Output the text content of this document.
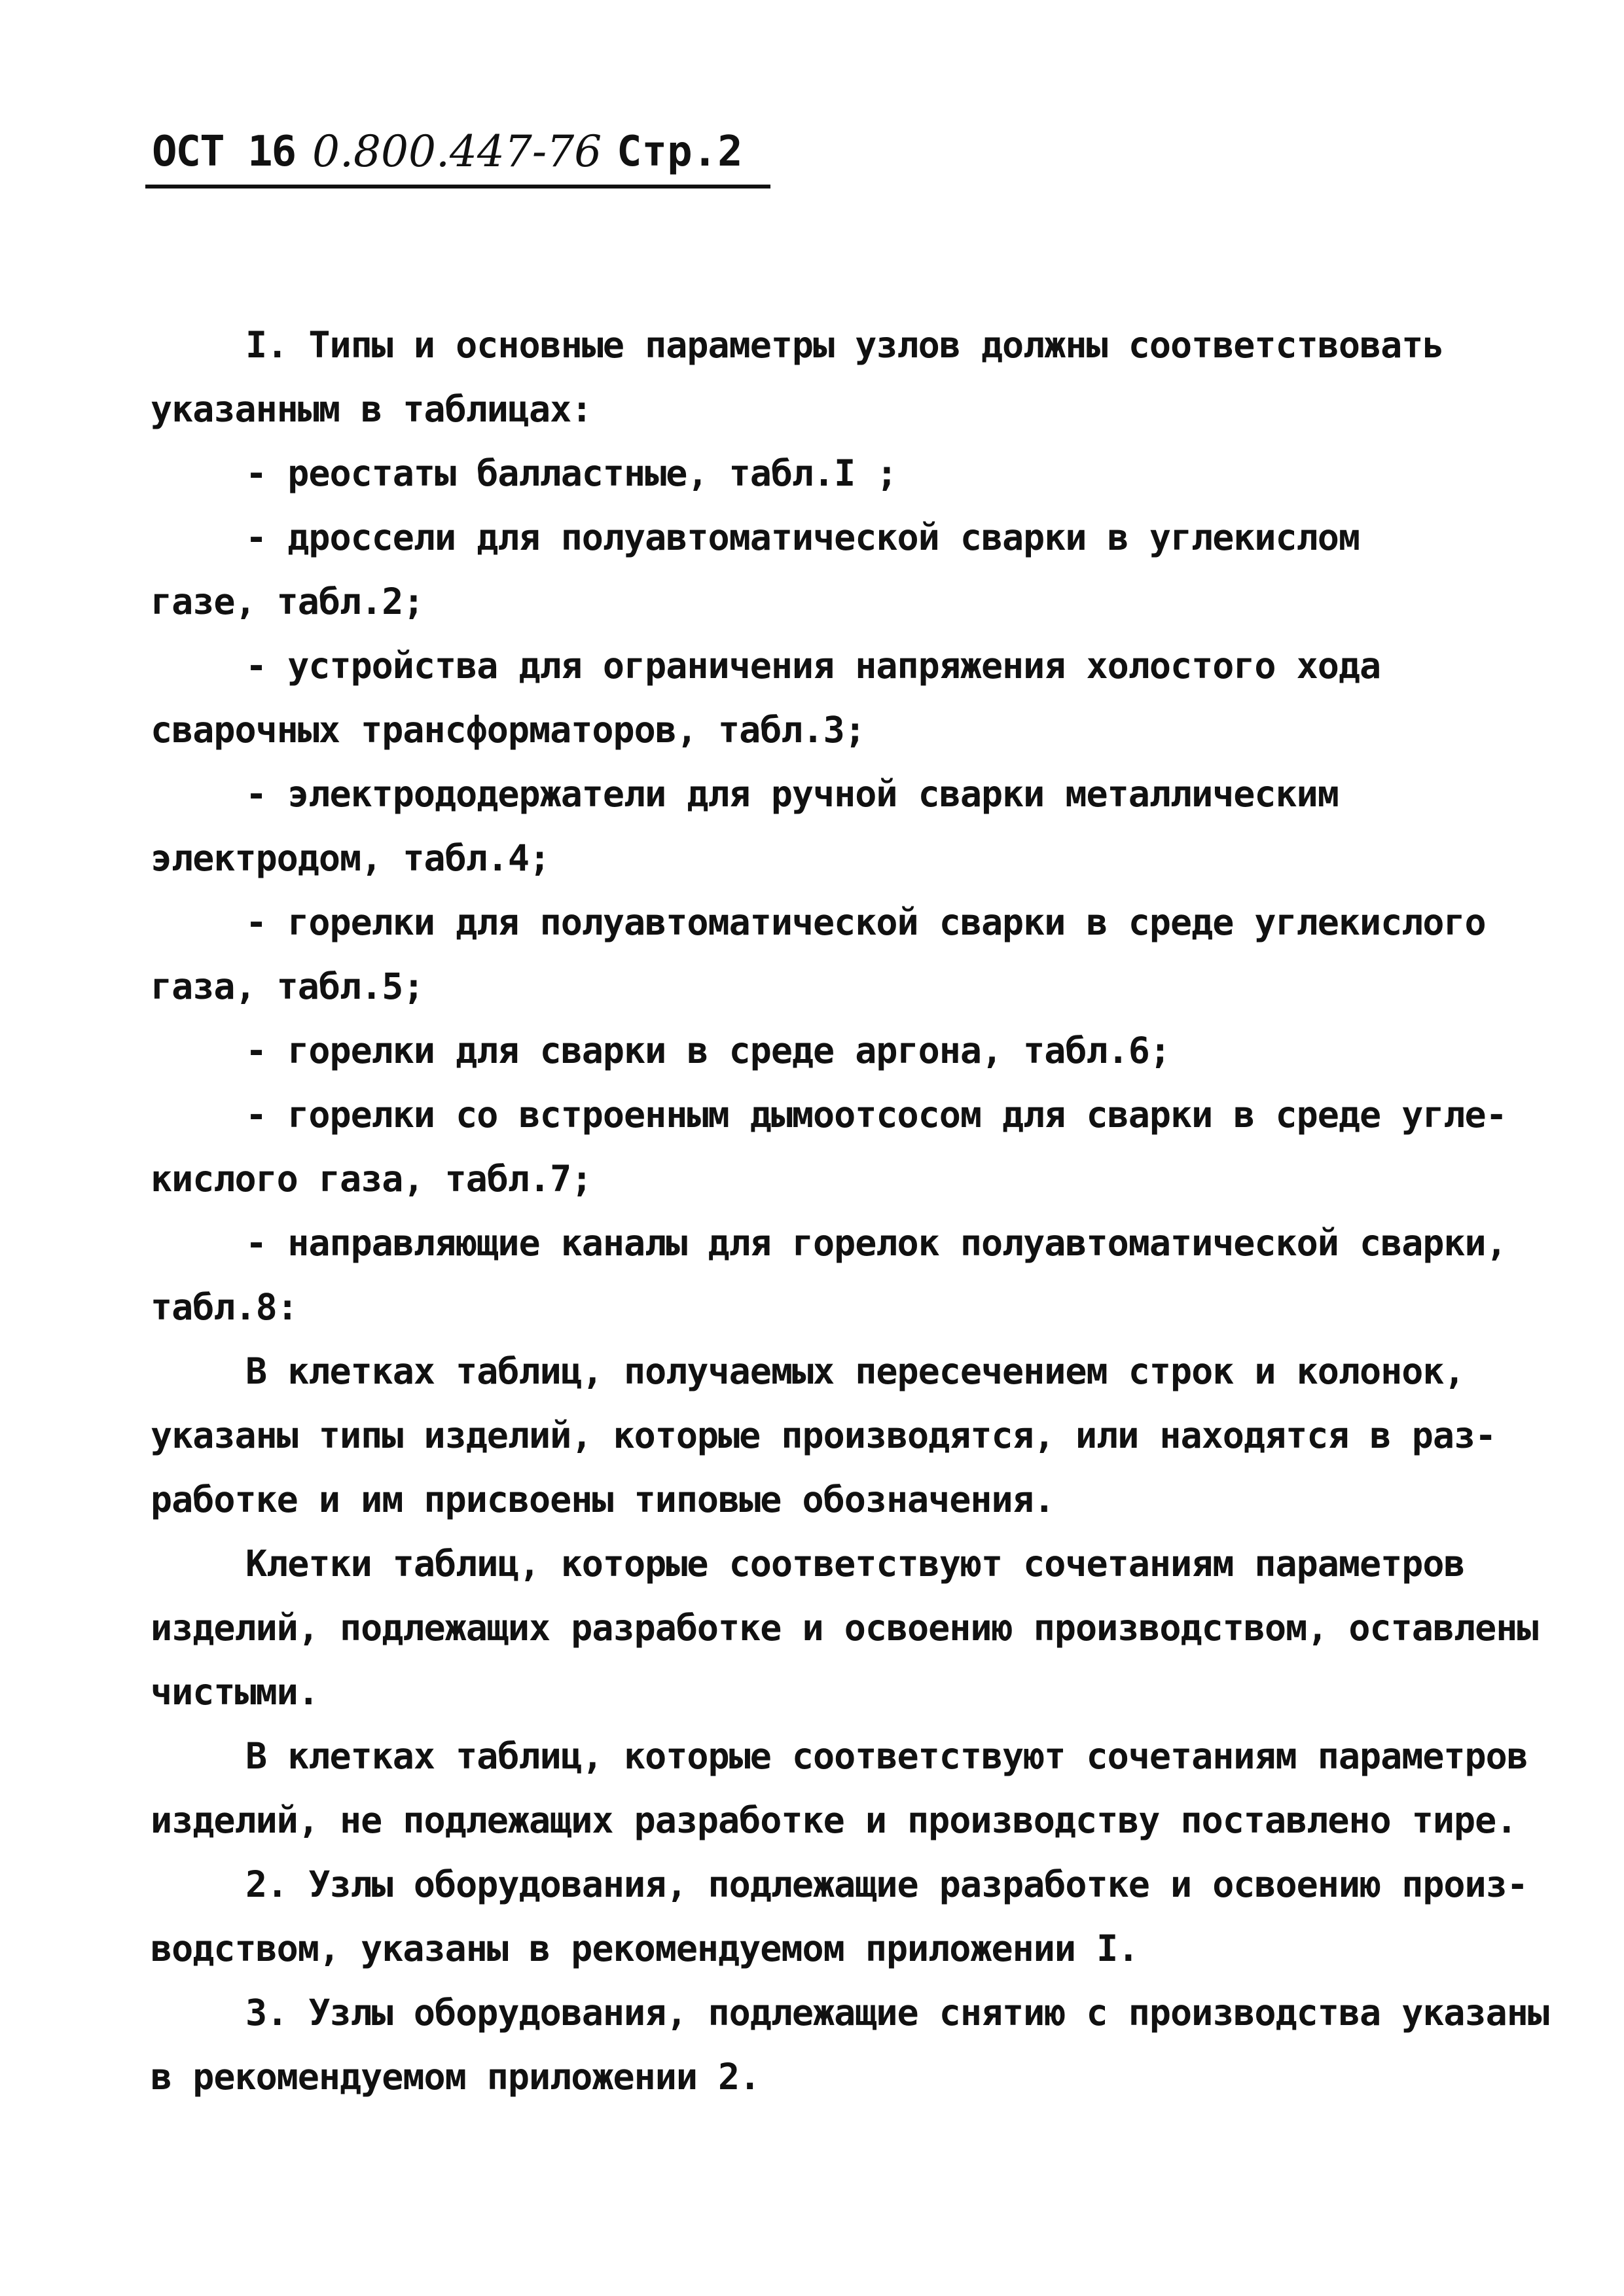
ОСТ 16 0.800.447-76 Стр.2
I. Типы и основные параметры узлов должны соответствовать
указанным в таблицах:
- реостаты балластные, табл.I ;
- дроссели для полуавтоматической сварки в углекислом
газе, табл.2;
- устройства для ограничения напряжения холостого хода
сварочных трансформаторов, табл.3;
- электрододержатели для ручной сварки металлическим
электродом, табл.4;
- горелки для полуавтоматической сварки в среде углекислого
газа, табл.5;
- горелки для сварки в среде аргона, табл.6;
- горелки со встроенным дымоотсосом для сварки в среде угле-
кислого газа, табл.7;
- направляющие каналы для горелок полуавтоматической сварки,
табл.8:
В клетках таблиц, получаемых пересечением строк и колонок,
указаны типы изделий, которые производятся, или находятся в раз-
работке и им присвоены типовые обозначения.
Клетки таблиц, которые соответствуют сочетаниям параметров
изделий, подлежащих разработке и освоению производством, оставлены
чистыми.
В клетках таблиц, которые соответствуют сочетаниям параметров
изделий, не подлежащих разработке и производству поставлено тире.
2. Узлы оборудования, подлежащие разработке и освоению произ-
водством, указаны в рекомендуемом приложении I.
3. Узлы оборудования, подлежащие снятию с производства указаны
в рекомендуемом приложении 2.
